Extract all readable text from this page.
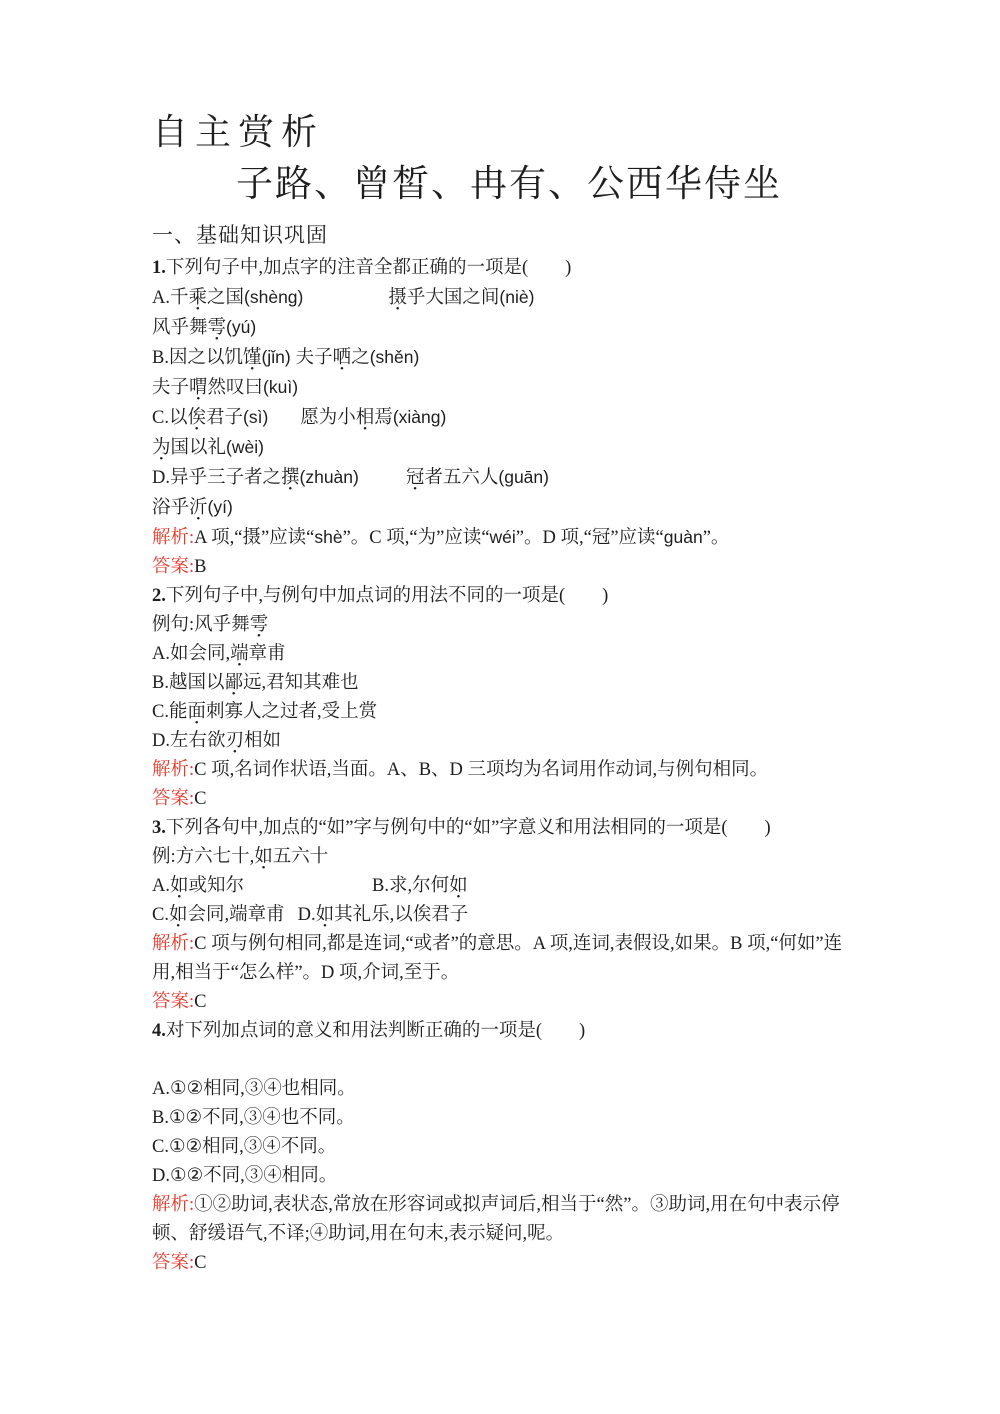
自主赏析
子路、曾皙、冉有、公西华侍坐
一、基础知识巩固

1.下列句子中,加点字的注音全都正确的一项是(　　)

A.千乘之国(shèng)	摄乎大国之间(niè)

风乎舞雩(yú)

B.因之以饥馑(jǐn) 夫子哂之(shěn)

夫子喟然叹曰(kuì)

C.以俟君子(sì) 愿为小相焉(xiàng)

为国以礼(wèi)

D.异乎三子者之撰(zhuàn)	冠者五六人(guān)

浴乎沂(yí)

解析:A 项,“摄”应读“shè”。C 项,“为”应读“wéi”。D 项,“冠”应读“guàn”。

答案:B

2.下列句子中,与例句中加点词的用法不同的一项是(　　)

例句:风乎舞雩

A.如会同,端章甫

B.越国以鄙远,君知其难也

C.能面刺寡人之过者,受上赏

D.左右欲刃相如

解析:C 项,名词作状语,当面。A、B、D 三项均为名词用作动词,与例句相同。

答案:C

3.下列各句中,加点的“如”字与例句中的“如”字意义和用法相同的一项是(　　)

例:方六七十,如五六十

A.如或知尔	B.求,尔何如

C.如会同,端章甫 D.如其礼乐,以俟君子

解析:C 项与例句相同,都是连词,“或者”的意思。A 项,连词,表假设,如果。B 项,“何如”连用,相当于“怎么样”。D 项,介词,至于。

答案:C

4.对下列加点词的意义和用法判断正确的一项是(　　)

A.①②相同,③④也相同。

B.①②不同,③④也不同。

C.①②相同,③④不同。

D.①②不同,③④相同。

解析:①②助词,表状态,常放在形容词或拟声词后,相当于“然”。③助词,用在句中表示停顿、舒缓语气,不译;④助词,用在句末,表示疑问,呢。

答案:C
